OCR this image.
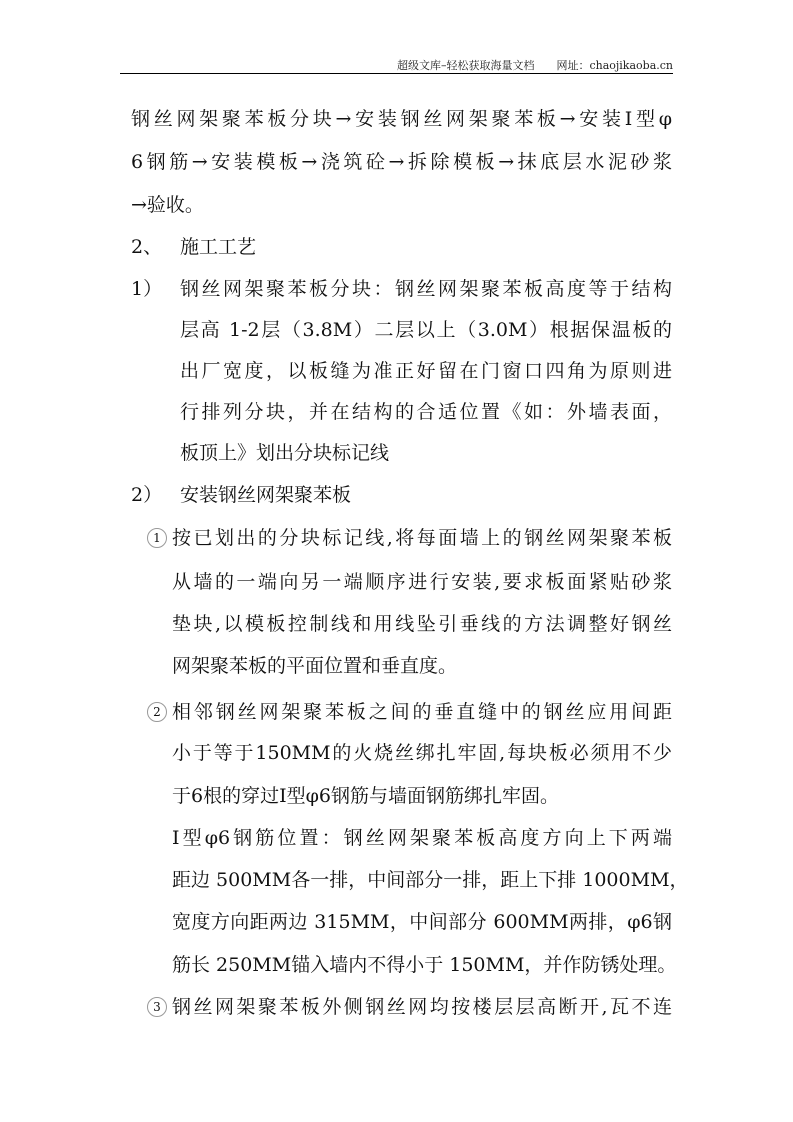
超级文库–轻松获取海量文档 网址：chaojikaoba.cn
钢丝网架聚苯板分块→安装钢丝网架聚苯板→安装Ⅰ型φ
6钢筋→安装模板→浇筑砼→拆除模板→抹底层水泥砂浆
→验收。
2、 施工工艺
1） 钢丝网架聚苯板分块：钢丝网架聚苯板高度等于结构
层高 1-2层（3.8M）二层以上（3.0M）根据保温板的
出厂宽度，以板缝为准正好留在门窗口四角为原则进
行排列分块，并在结构的合适位置《如：外墙表面，
板顶上》划出分块标记线
2） 安装钢丝网架聚苯板
1 按已划出的分块标记线,将每面墙上的钢丝网架聚苯板
从墙的一端向另一端顺序进行安装,要求板面紧贴砂浆
垫块,以模板控制线和用线坠引垂线的方法调整好钢丝
网架聚苯板的平面位置和垂直度。
2 相邻钢丝网架聚苯板之间的垂直缝中的钢丝应用间距
小于等于150MM的火烧丝绑扎牢固,每块板必须用不少
于6根的穿过Ⅰ型φ6钢筋与墙面钢筋绑扎牢固。
Ⅰ型φ6钢筋位置：钢丝网架聚苯板高度方向上下两端
距边 500MM各一排，中间部分一排，距上下排 1000MM，
宽度方向距两边 315MM，中间部分 600MM两排，φ6钢
筋长 250MM锚入墙内不得小于 150MM，并作防锈处理。
3 钢丝网架聚苯板外侧钢丝网均按楼层层高断开,瓦不连
